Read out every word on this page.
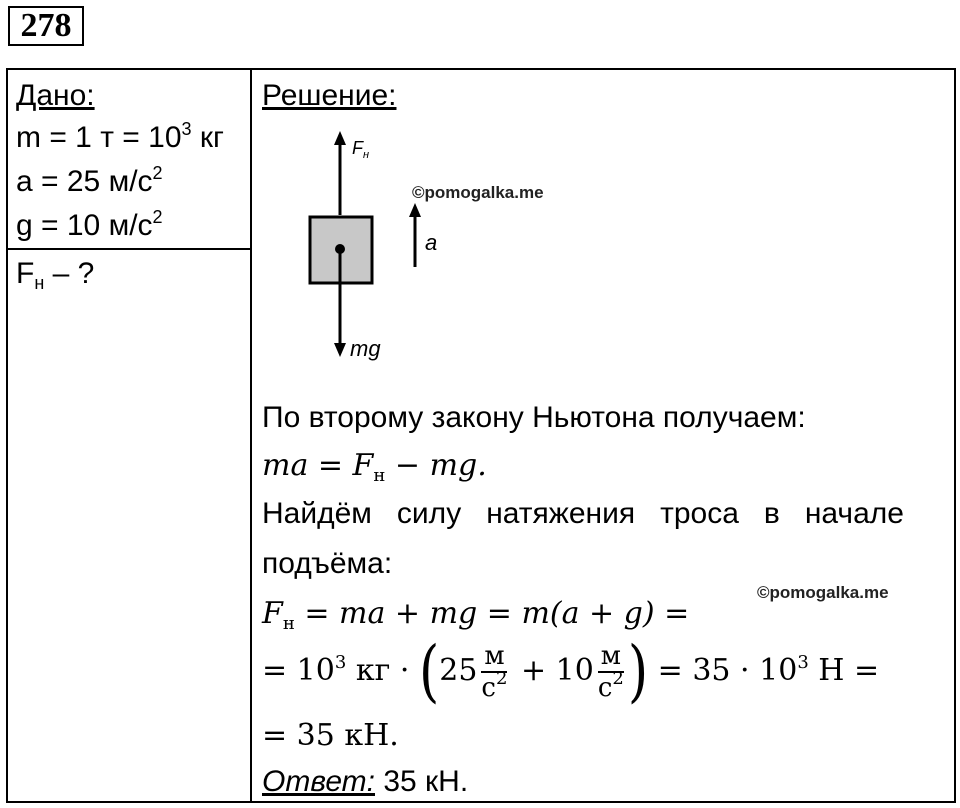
278
Дано:
m = 1 $т = 10^3$ кг
a = 25 $м/с^2$
g = 10 $м/с^2$
$F_н$ – ?
Решение:
$F_н$
a
mg
©pomogalka.me
По второму закону Ньютона получаем:
ma = $F_н$ − mg.
Найдём   силу   натяжения   троса   в   начале
подъёма:
©pomogalka.me
$F_н$ = ma + mg = m(a + g) =
= $10^3$ кг · ($25 \frac{м}{с^2} + 10 \frac{м}{с^2}$ ) = $35 \cdot 10^3$ Н =
= 35 кН.
Ответ: 35 кН.
